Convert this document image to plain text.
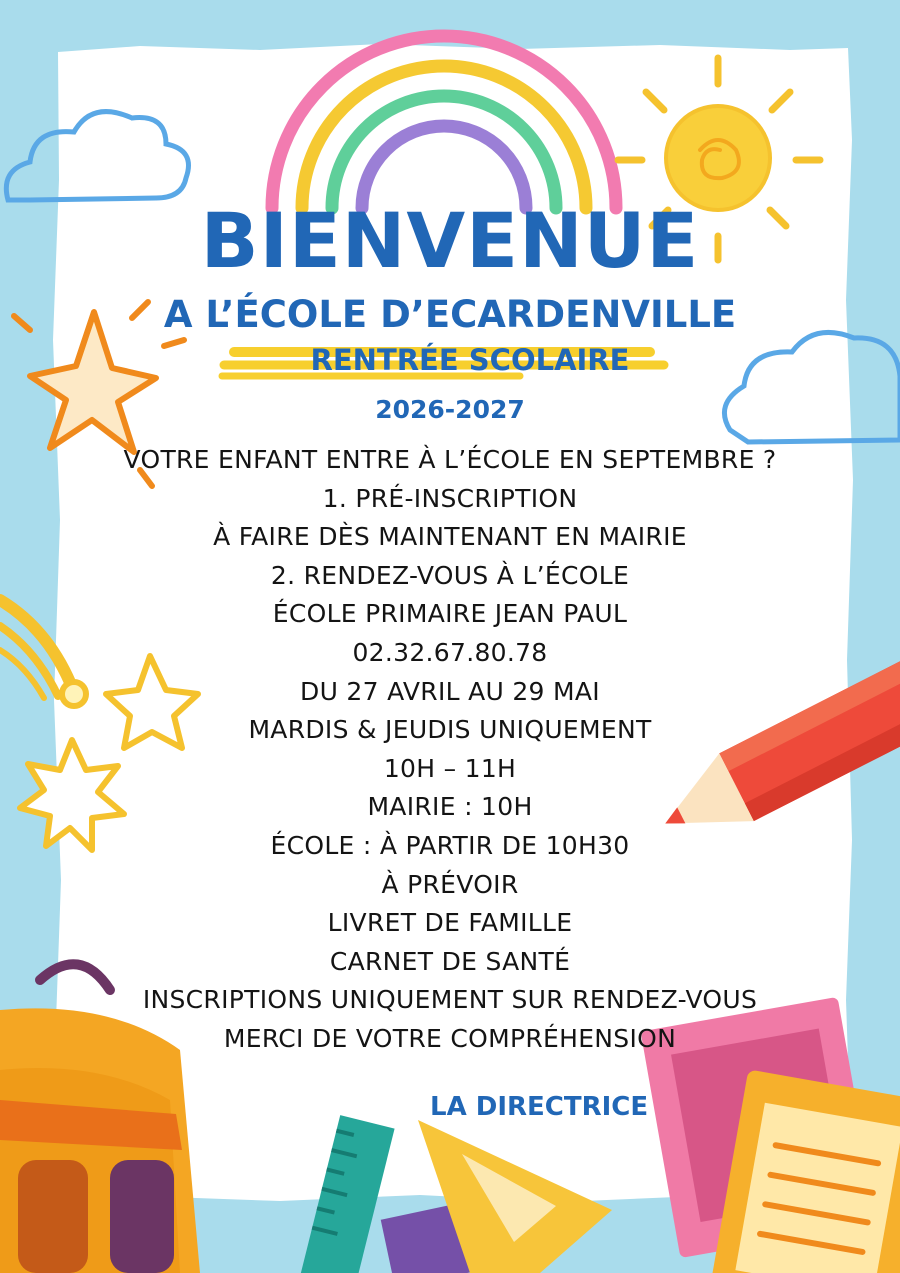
BIENVENUE
A L’ÉCOLE D’ECARDENVILLE
RENTRÉE SCOLAIRE
2026-2027
VOTRE ENFANT ENTRE À L’ÉCOLE EN SEPTEMBRE ?
1. PRÉ-INSCRIPTION
À FAIRE DÈS MAINTENANT EN MAIRIE
2. RENDEZ-VOUS À L’ÉCOLE
ÉCOLE PRIMAIRE JEAN PAUL
02.32.67.80.78
DU 27 AVRIL AU 29 MAI
MARDIS & JEUDIS UNIQUEMENT
10H – 11H
MAIRIE : 10H
ÉCOLE : À PARTIR DE 10H30
À PRÉVOIR
LIVRET DE FAMILLE
CARNET DE SANTÉ
INSCRIPTIONS UNIQUEMENT SUR RENDEZ-VOUS
MERCI DE VOTRE COMPRÉHENSION
LA DIRECTRICE
